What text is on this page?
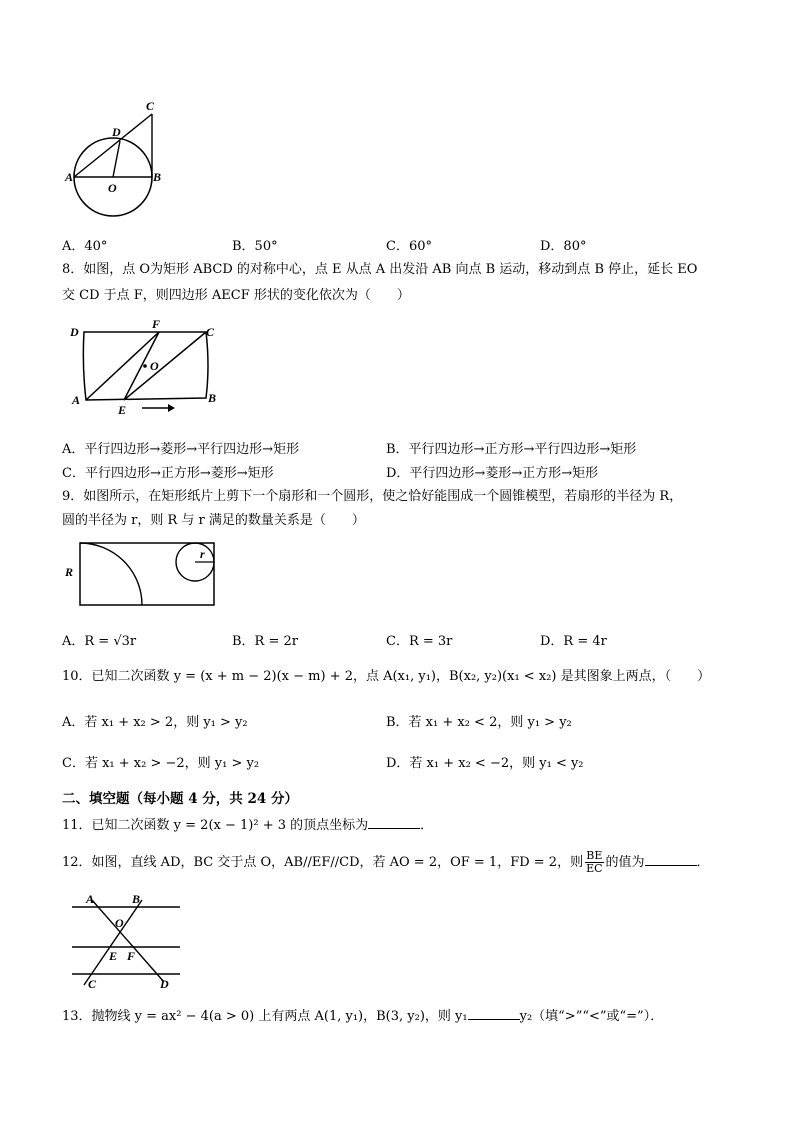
C
D
A
O
B
A．40°	B．50°	C．60°	D．80°
8．如图，点 O为矩形 ABCD 的对称中心，点 E 从点 A 出发沿 AB 向点 B 运动，移动到点 B 停止，延长 EO
交 CD 于点 F，则四边形 AECF 形状的变化依次为（　　）
D
F
C
O
A
E
B
A．平行四边形→菱形→平行四边形→矩形	B．平行四边形→正方形→平行四边形→矩形
C．平行四边形→正方形→菱形→矩形	D．平行四边形→菱形→正方形→矩形
9．如图所示，在矩形纸片上剪下一个扇形和一个圆形，使之恰好能围成一个圆锥模型，若扇形的半径为 R，
圆的半径为 r，则 R 与 r 满足的数量关系是（　　）
R
r
A．R = √3r	B．R = 2r	C．R = 3r	D．R = 4r
10．已知二次函数 y = (x + m − 2)(x − m) + 2，点 A(x₁, y₁)，B(x₂, y₂)(x₁ < x₂) 是其图象上两点，（　　）
A．若 x₁ + x₂ > 2，则 y₁ > y₂	B．若 x₁ + x₂ < 2，则 y₁ > y₂
C．若 x₁ + x₂ > −2，则 y₁ > y₂	D．若 x₁ + x₂ < −2，则 y₁ < y₂
二、填空题（每小题 4 分，共 24 分）
11．已知二次函数 y = 2(x − 1)² + 3 的顶点坐标为	．
12．如图，直线 AD，BC 交于点 O，AB//EF//CD，若 AO = 2，OF = 1，FD = 2，则 $\frac{BE}{EC}$ 的值为	．
A	B
O
E F
C	D
13．抛物线 y = ax² − 4(a > 0) 上有两点 A(1, y₁)，B(3, y₂)，则 y₁	y₂（填“>”“<”或“=”）．
